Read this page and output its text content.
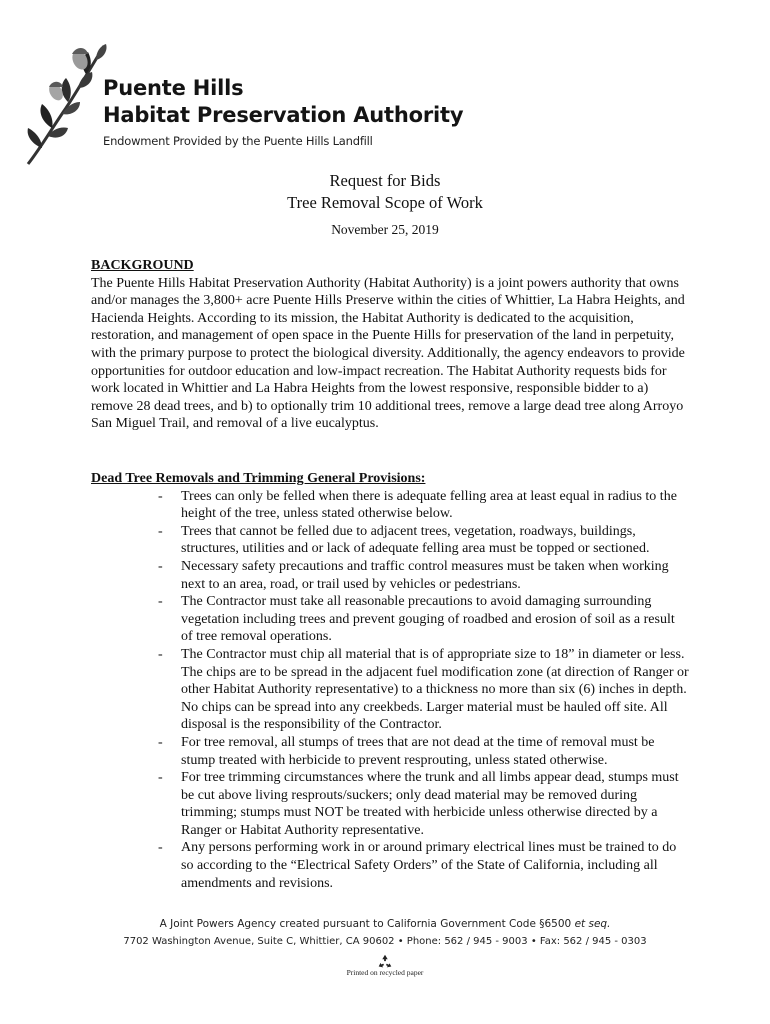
Puente Hills
Habitat Preservation Authority
Endowment Provided by the Puente Hills Landfill
Request for Bids
Tree Removal Scope of Work
November 25, 2019
BACKGROUND

The Puente Hills Habitat Preservation Authority (Habitat Authority) is a joint powers authority that owns and/or manages the 3,800+ acre Puente Hills Preserve within the cities of Whittier, La Habra Heights, and Hacienda Heights. According to its mission, the Habitat Authority is dedicated to the acquisition, restoration, and management of open space in the Puente Hills for preservation of the land in perpetuity, with the primary purpose to protect the biological diversity. Additionally, the agency endeavors to provide opportunities for outdoor education and low-impact recreation. The Habitat Authority requests bids for work located in Whittier and La Habra Heights from the lowest responsive, responsible bidder to a) remove 28 dead trees, and b) to optionally trim 10 additional trees, remove a large dead tree along Arroyo San Miguel Trail, and removal of a live eucalyptus.

Dead Tree Removals and Trimming General Provisions:
- Trees can only be felled when there is adequate felling area at least equal in radius to the height of the tree, unless stated otherwise below.
- Trees that cannot be felled due to adjacent trees, vegetation, roadways, buildings, structures, utilities and or lack of adequate felling area must be topped or sectioned.
- Necessary safety precautions and traffic control measures must be taken when working next to an area, road, or trail used by vehicles or pedestrians.
- The Contractor must take all reasonable precautions to avoid damaging surrounding vegetation including trees and prevent gouging of roadbed and erosion of soil as a result of tree removal operations.
- The Contractor must chip all material that is of appropriate size to 18” in diameter or less. The chips are to be spread in the adjacent fuel modification zone (at direction of Ranger or other Habitat Authority representative) to a thickness no more than six (6) inches in depth. No chips can be spread into any creekbeds. Larger material must be hauled off site. All disposal is the responsibility of the Contractor.
- For tree removal, all stumps of trees that are not dead at the time of removal must be stump treated with herbicide to prevent resprouting, unless stated otherwise.
- For tree trimming circumstances where the trunk and all limbs appear dead, stumps must be cut above living resprouts/suckers; only dead material may be removed during trimming; stumps must NOT be treated with herbicide unless otherwise directed by a Ranger or Habitat Authority representative.
- Any persons performing work in or around primary electrical lines must be trained to do so according to the “Electrical Safety Orders” of the State of California, including all amendments and revisions.
A Joint Powers Agency created pursuant to California Government Code §6500 et seq.
7702 Washington Avenue, Suite C, Whittier, CA 90602 • Phone: 562 / 945 - 9003 • Fax: 562 / 945 - 0303
Printed on recycled paper
